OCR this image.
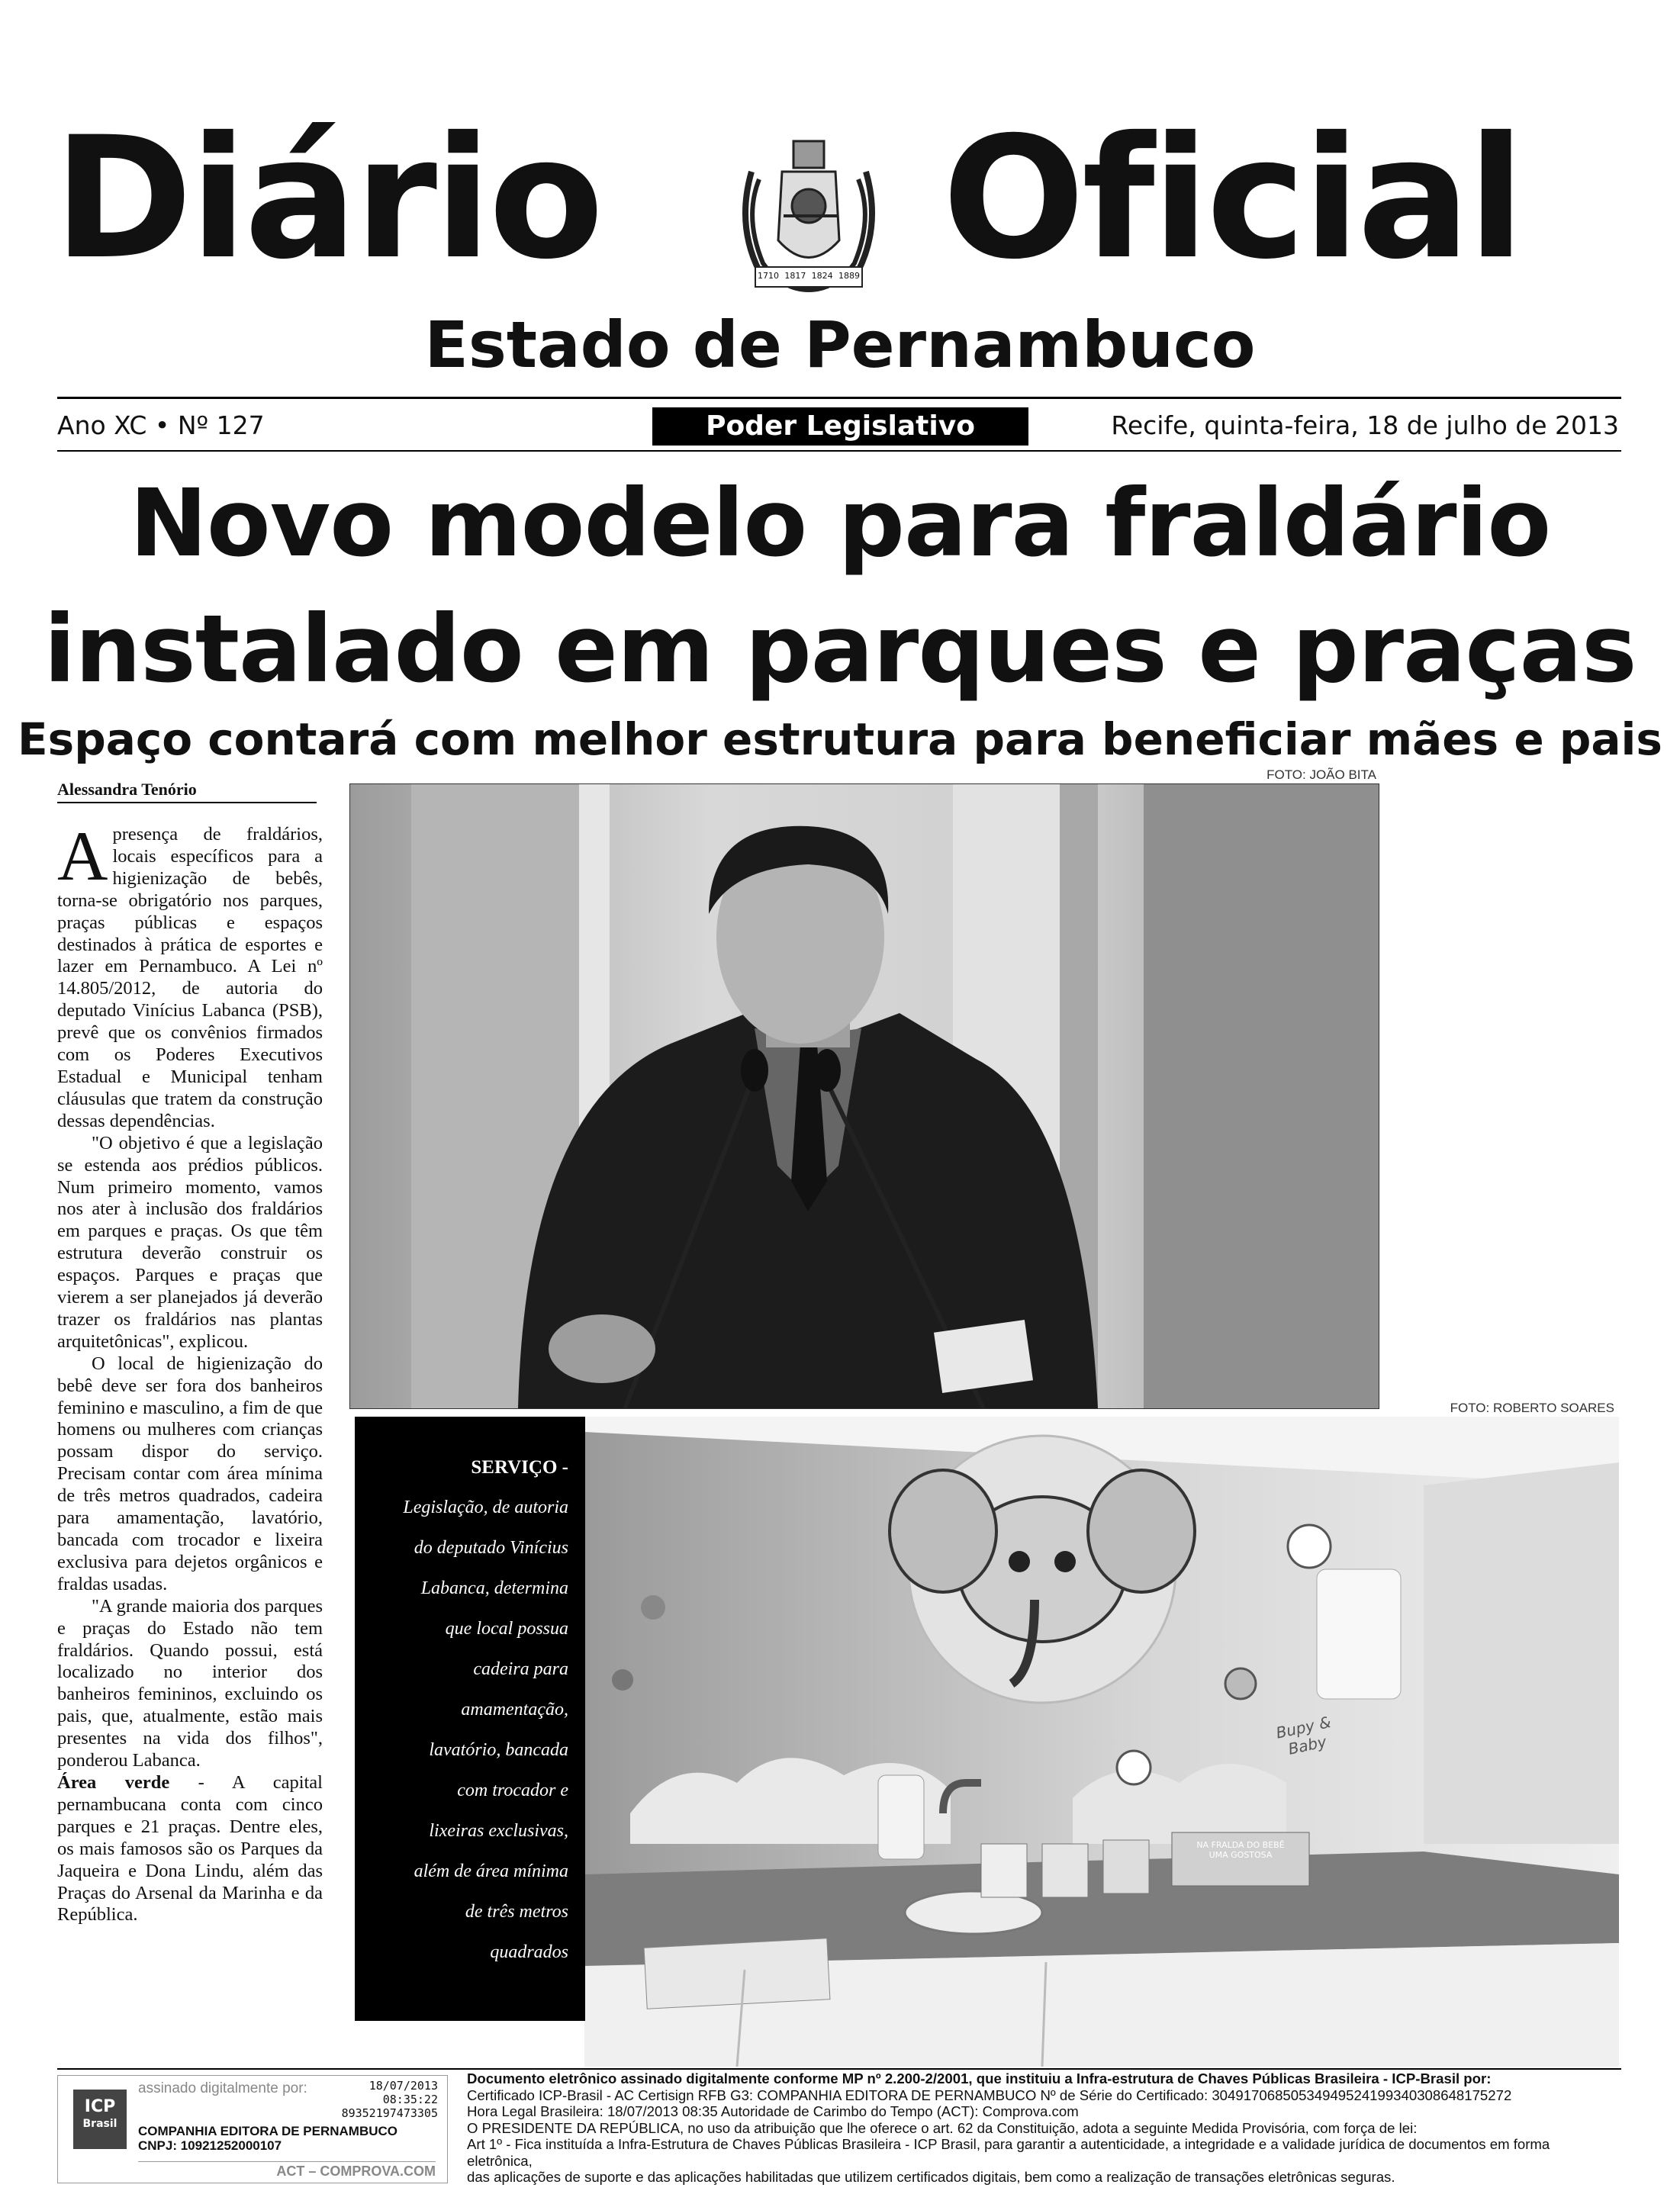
Diário Oficial
1710 1817 1824 1889
Estado de Pernambuco
Ano XC • Nº 127	Poder Legislativo	Recife, quinta-feira, 18 de julho de 2013
Novo modelo para fraldário
instalado em parques e praças
Espaço contará com melhor estrutura para beneficiar mães e pais
FOTO: JOÃO BITA
Alessandra Tenório

Apresença de fraldários, locais específicos para a higienização de bebês, torna-se obrigatório nos parques, praças públicas e espaços destinados à prática de esportes e lazer em Pernambuco. A Lei nº 14.805/2012, de autoria do deputado Vinícius Labanca (PSB), prevê que os convênios firmados com os Poderes Executivos Estadual e Municipal tenham cláusulas que tratem da construção dessas dependências.

"O objetivo é que a legislação se estenda aos prédios públicos. Num primeiro momento, vamos nos ater à inclusão dos fraldários em parques e praças. Os que têm estrutura deverão construir os espaços. Parques e praças que vierem a ser planejados já deverão trazer os fraldários nas plantas arquitetônicas", explicou.

O local de higienização do bebê deve ser fora dos banheiros feminino e masculino, a fim de que homens ou mulheres com crianças possam dispor do serviço. Precisam contar com área mínima de três metros quadrados, cadeira para amamentação, lavatório, bancada com trocador e lixeira exclusiva para dejetos orgânicos e fraldas usadas.

"A grande maioria dos parques e praças do Estado não tem fraldários. Quando possui, está localizado no interior dos banheiros femininos, excluindo os pais, que, atualmente, estão mais presentes na vida dos filhos", ponderou Labanca.

Área verde - A capital pernambucana conta com cinco parques e 21 praças. Dentre eles, os mais famosos são os Parques da Jaqueira e Dona Lindu, além das Praças do Arsenal da Marinha e da República.

FOTO: ROBERTO SOARES
Bupy & Baby
NA FRALDA DO BEBÊ UMA GOSTOSA
SERVIÇO -
Legislação, de autoria
do deputado Vinícius
Labanca, determina
que local possua
cadeira para
amamentação,
lavatório, bancada
com trocador e
lixeiras exclusivas,
além de área mínima
de três metros
quadrados
ICP
Brasil
assinado digitalmente por:	18/07/2013
08:35:22
89352197473305
COMPANHIA EDITORA DE PERNAMBUCO
CNPJ: 10921252000107
ACT – COMPROVA.COM
Documento eletrônico assinado digitalmente conforme MP nº 2.200-2/2001, que instituiu a Infra-estrutura de Chaves Públicas Brasileira - ICP-Brasil por:
Certificado ICP-Brasil - AC Certisign RFB G3: COMPANHIA EDITORA DE PERNAMBUCO Nº de Série do Certificado: 3049170685053494952419934030864817527​2
Hora Legal Brasileira: 18/07/2013 08:35 Autoridade de Carimbo do Tempo (ACT): Comprova.com
O PRESIDENTE DA REPÚBLICA, no uso da atribuição que lhe oferece o art. 62 da Constituição, adota a seguinte Medida Provisória, com força de lei:
Art 1º - Fica instituída a Infra-Estrutura de Chaves Públicas Brasileira - ICP Brasil, para garantir a autenticidade, a integridade e a validade jurídica de documentos em forma eletrônica,
das aplicações de suporte e das aplicações habilitadas que utilizem certificados digitais, bem como a realização de transações eletrônicas seguras.
